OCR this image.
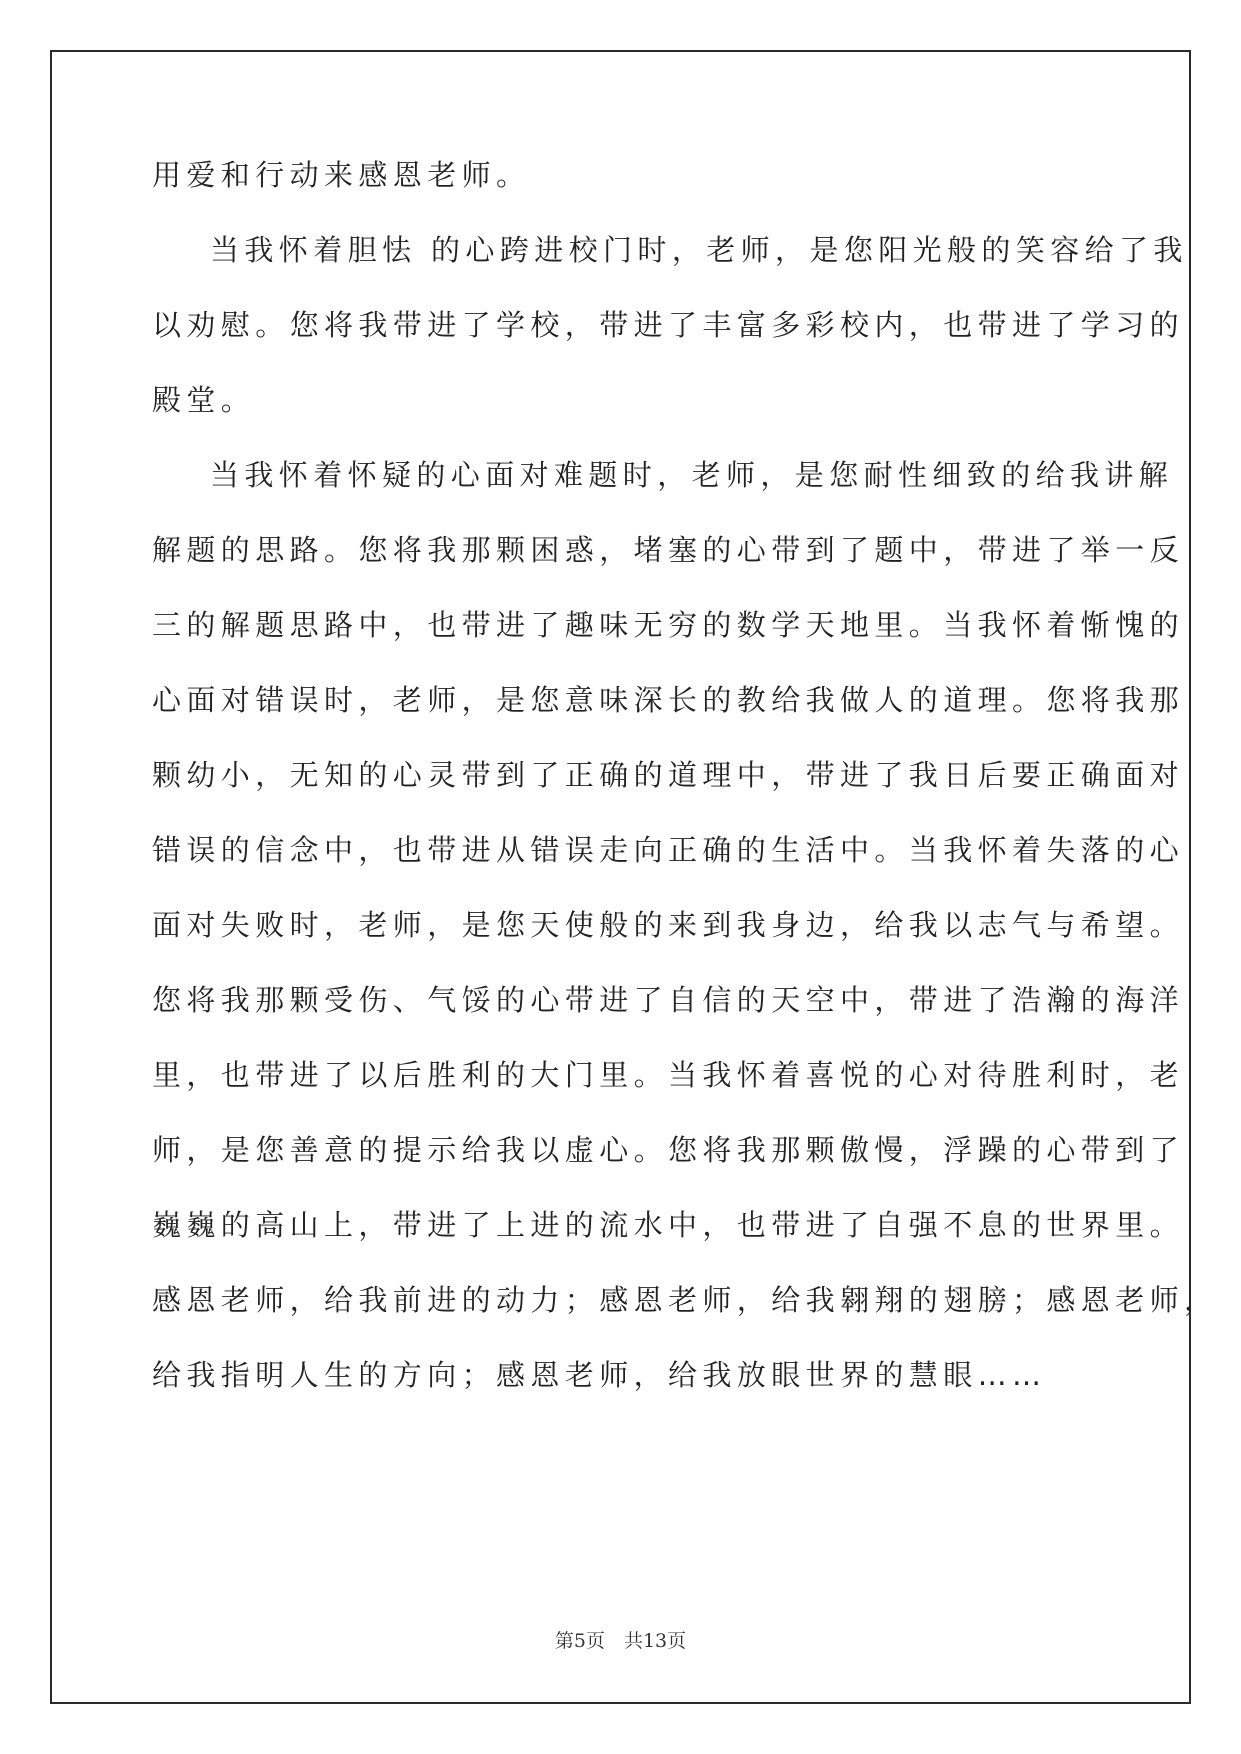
用爱和行动来感恩老师。
当我怀着胆怯 的心跨进校门时，老师，是您阳光般的笑容给了我
以劝慰。您将我带进了学校，带进了丰富多彩校内，也带进了学习的
殿堂。
当我怀着怀疑的心面对难题时，老师，是您耐性细致的给我讲解
解题的思路。您将我那颗困惑，堵塞的心带到了题中，带进了举一反
三的解题思路中，也带进了趣味无穷的数学天地里。当我怀着惭愧的
心面对错误时，老师，是您意味深长的教给我做人的道理。您将我那
颗幼小，无知的心灵带到了正确的道理中，带进了我日后要正确面对
错误的信念中，也带进从错误走向正确的生活中。当我怀着失落的心
面对失败时，老师，是您天使般的来到我身边，给我以志气与希望。
您将我那颗受伤、气馁的心带进了自信的天空中，带进了浩瀚的海洋
里，也带进了以后胜利的大门里。当我怀着喜悦的心对待胜利时，老
师，是您善意的提示给我以虚心。您将我那颗傲慢，浮躁的心带到了
巍巍的高山上，带进了上进的流水中，也带进了自强不息的世界里。
感恩老师，给我前进的动力；感恩老师，给我翱翔的翅膀；感恩老师，
给我指明人生的方向；感恩老师，给我放眼世界的慧眼……
第5页　共13页
